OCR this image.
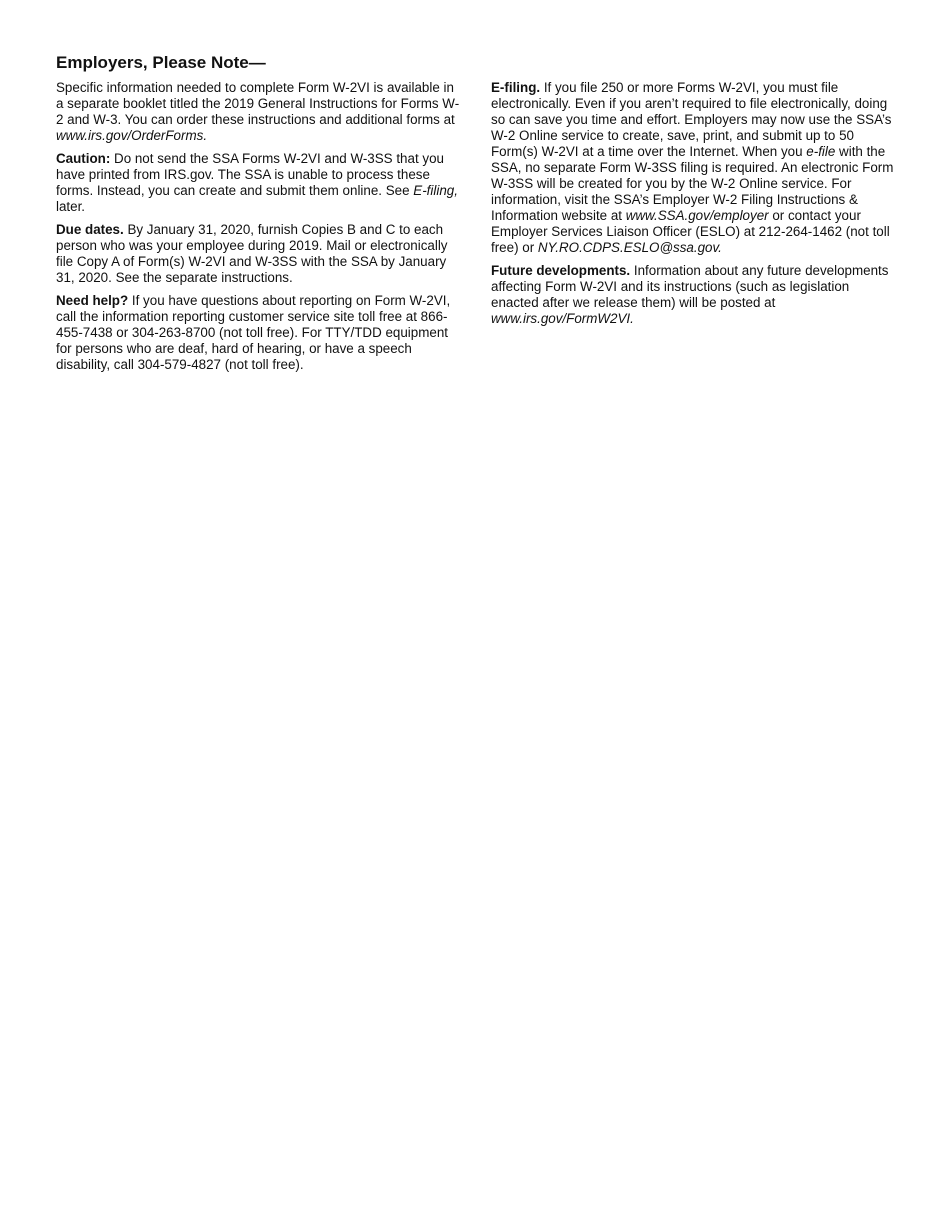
Employers, Please Note—

Specific information needed to complete Form W-2VI is available in a separate booklet titled the 2019 General Instructions for Forms W-2 and W-3. You can order these instructions and additional forms at www.irs.gov/OrderForms.

Caution: Do not send the SSA Forms W-2VI and W-3SS that you have printed from IRS.gov. The SSA is unable to process these forms. Instead, you can create and submit them online. See E-filing, later.

Due dates. By January 31, 2020, furnish Copies B and C to each person who was your employee during 2019. Mail or electronically file Copy A of Form(s) W-2VI and W-3SS with the SSA by January 31, 2020. See the separate instructions.

Need help? If you have questions about reporting on Form W-2VI, call the information reporting customer service site toll free at 866-455-7438 or 304-263-8700 (not toll free). For TTY/TDD equipment for persons who are deaf, hard of hearing, or have a speech disability, call 304-579-4827 (not toll free).

E-filing. If you file 250 or more Forms W-2VI, you must file electronically. Even if you aren’t required to file electronically, doing so can save you time and effort. Employers may now use the SSA’s W-2 Online service to create, save, print, and submit up to 50 Form(s) W-2VI at a time over the Internet. When you e-file with the SSA, no separate Form W-3SS filing is required. An electronic Form W-3SS will be created for you by the W-2 Online service. For information, visit the SSA’s Employer W-2 Filing Instructions & Information website at www.SSA.gov/employer or contact your Employer Services Liaison Officer (ESLO) at 212-264-1462 (not toll free) or NY.RO.CDPS.ESLO@ssa.gov.

Future developments. Information about any future developments affecting Form W-2VI and its instructions (such as legislation enacted after we release them) will be posted at www.irs.gov/FormW2VI.
